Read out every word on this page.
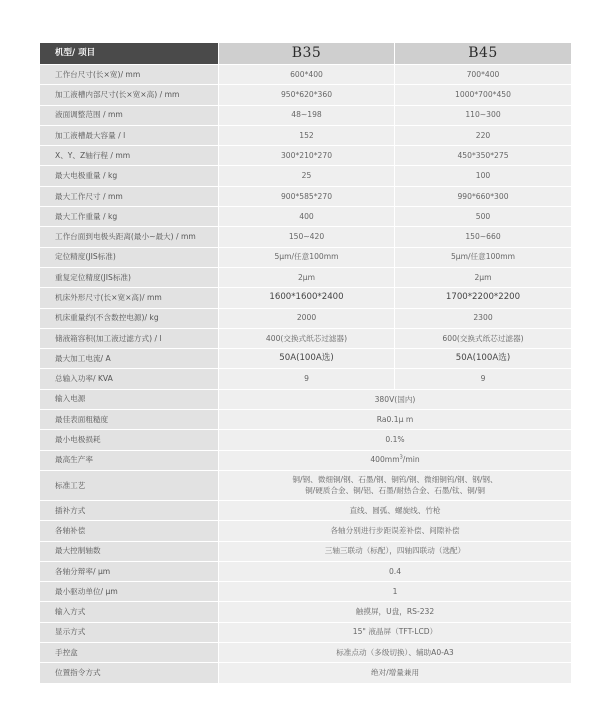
机型/ 项目	B35	B45
工作台尺寸(长×宽)/ mm	600*400	700*400
加工液槽内部尺寸(长×宽×高) / mm	950*620*360	1000*700*450
液面调整范围 / mm	48~198	110~300
加工液槽最大容量 / l	152	220
X、Y、Z轴行程 / mm	300*210*270	450*350*275
最大电极重量 / kg	25	100
最大工作尺寸 / mm	900*585*270	990*660*300
最大工作重量 / kg	400	500
工作台面到电极头距离(最小~最大) / mm	150~420	150~660
定位精度(JIS标准)	5μm/任意100mm	5μm/任意100mm
重复定位精度(JIS标准)	2μm	2μm
机床外形尺寸(长×宽×高)/ mm	1600*1600*2400	1700*2200*2200
机床重量约(不含数控电源)/ kg	2000	2300
储液箱容积(加工液过滤方式) / l	400(交换式纸芯过滤器)	600(交换式纸芯过滤器)
最大加工电流/ A	50A(100A选)	50A(100A选)
总输入功率/ KVA	9	9
输入电源	380V(国内)	
最佳表面粗糙度	Ra0.1μ m	
最小电极损耗	0.1%	
最高生产率	$400mm^3/\min$	
标准工艺	铜/钢、微细铜/钢、石墨/钢、铜钨/钢、微细铜钨/钢、钢/钢、
铜/硬质合金、铜/铝、石墨/耐热合金、石墨/钛、铜/铜	

插补方式	直线、圆弧、螺旋线、竹枪	
各轴补偿	各轴分别进行步距误差补偿、间隙补偿	
最大控制轴数	三轴三联动（标配），四轴四联动（选配）	
各轴分辩率/ μm	0.4	
最小驱动单位/ μm	1	
输入方式	触摸屏，U盘，RS-232	
显示方式	15" 液晶屏（TFT-LCD）	
手控盒	标准点动（多级切换）、辅助A0-A3	
位置指令方式	绝对/增量兼用	
